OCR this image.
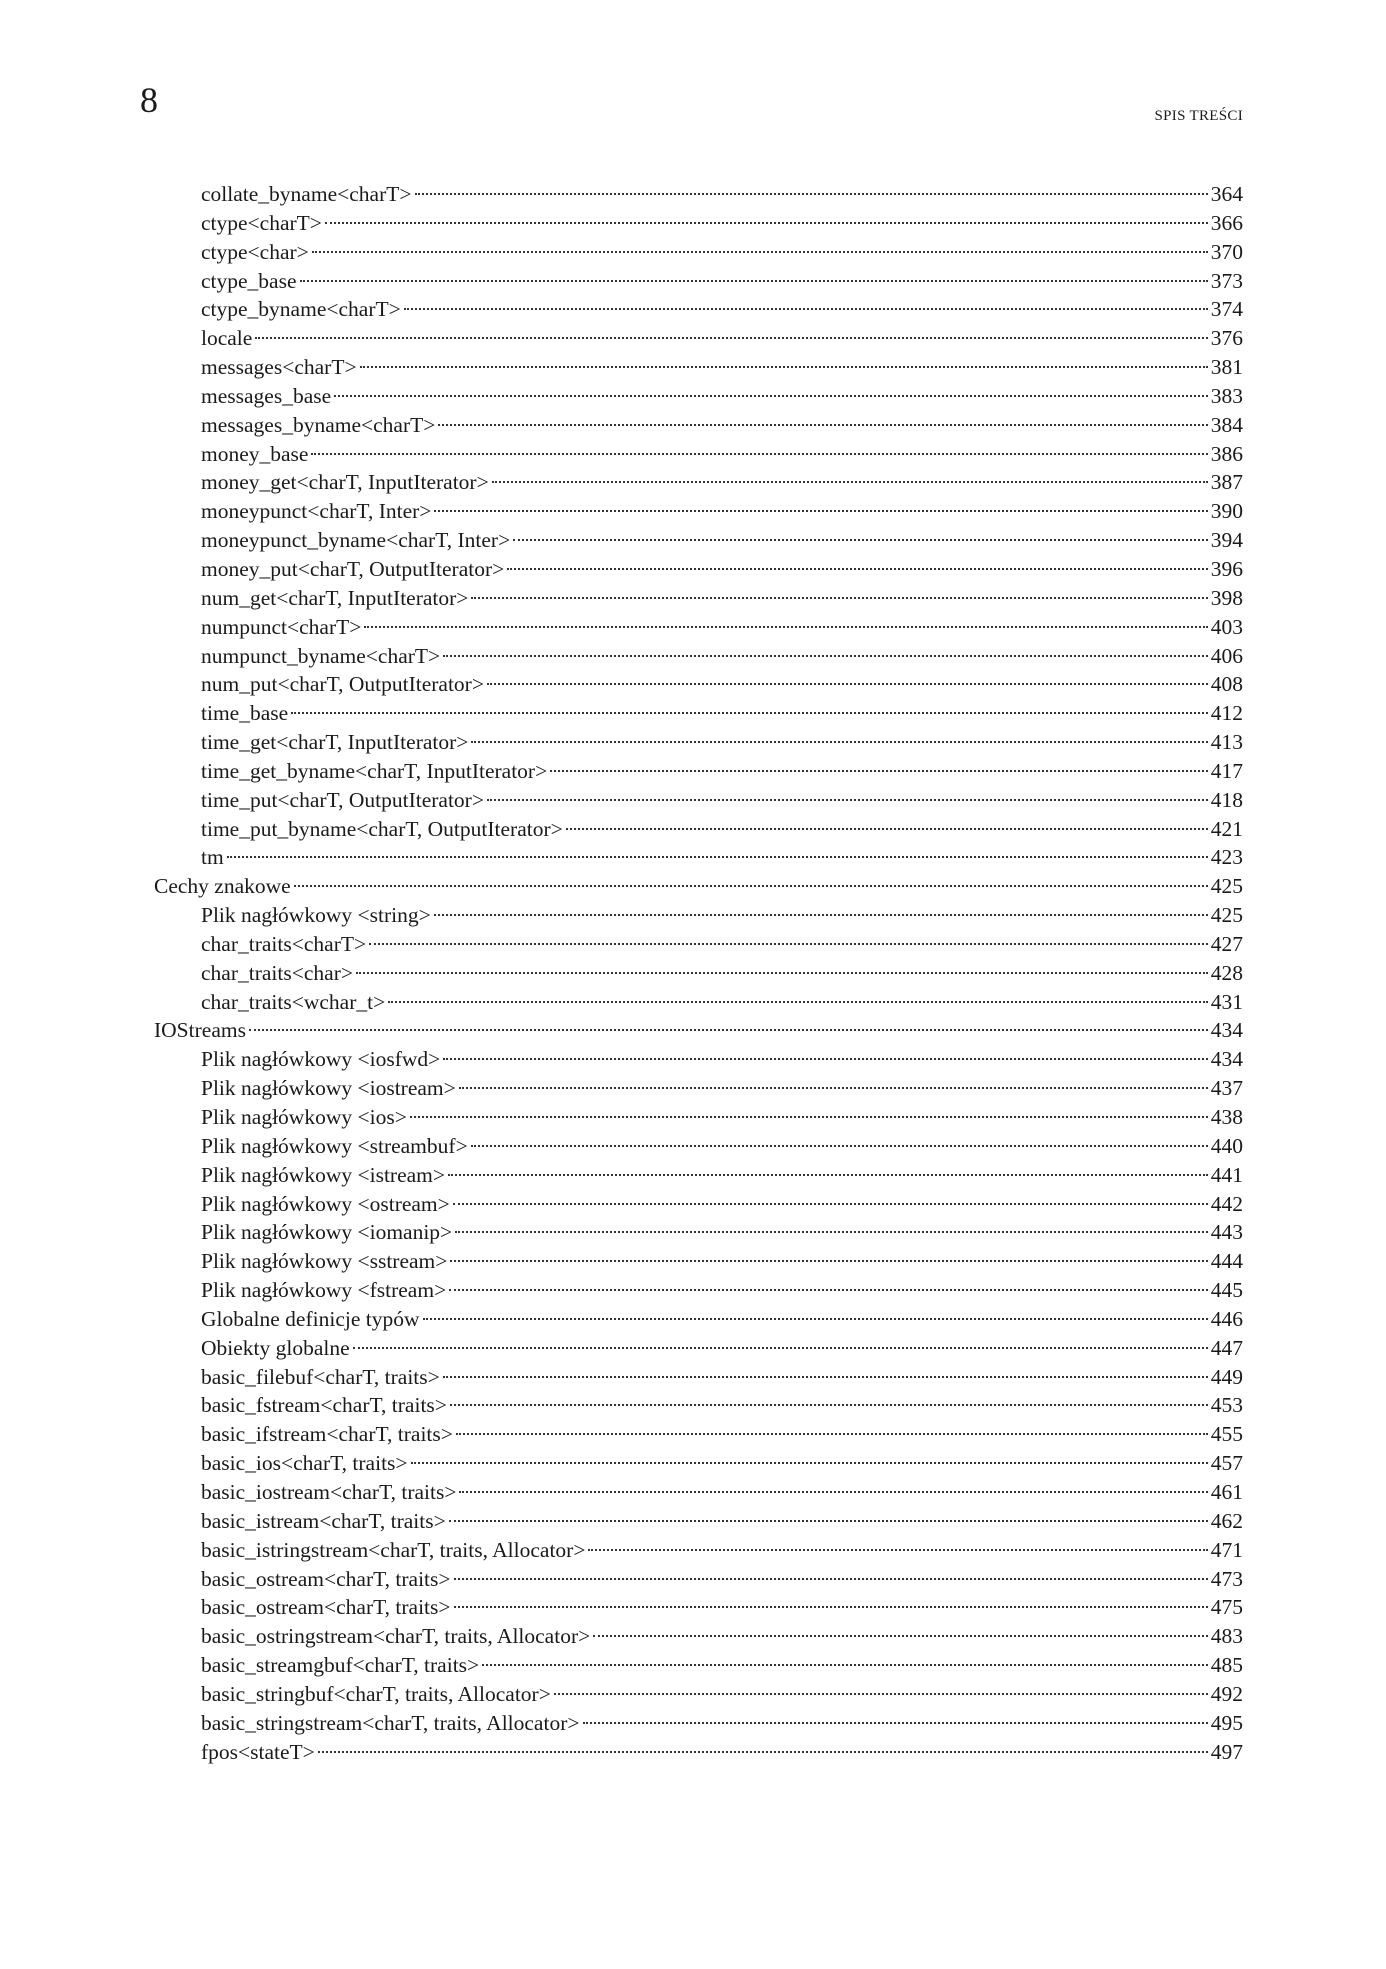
8	SPIS TREŚCI
collate_byname<charT>	364
ctype<charT>	366
ctype<char>	370
ctype_base	373
ctype_byname<charT>	374
locale	376
messages<charT>	381
messages_base	383
messages_byname<charT>	384
money_base	386
money_get<charT, InputIterator>	387
moneypunct<charT, Inter>	390
moneypunct_byname<charT, Inter>	394
money_put<charT, OutputIterator>	396
num_get<charT, InputIterator>	398
numpunct<charT>	403
numpunct_byname<charT>	406
num_put<charT, OutputIterator>	408
time_base	412
time_get<charT, InputIterator>	413
time_get_byname<charT, InputIterator>	417
time_put<charT, OutputIterator>	418
time_put_byname<charT, OutputIterator>	421
tm	423
Cechy znakowe	425
Plik nagłówkowy <string>	425
char_traits<charT>	427
char_traits<char>	428
char_traits<wchar_t>	431
IOStreams	434
Plik nagłówkowy <iosfwd>	434
Plik nagłówkowy <iostream>	437
Plik nagłówkowy <ios>	438
Plik nagłówkowy <streambuf>	440
Plik nagłówkowy <istream>	441
Plik nagłówkowy <ostream>	442
Plik nagłówkowy <iomanip>	443
Plik nagłówkowy <sstream>	444
Plik nagłówkowy <fstream>	445
Globalne definicje typów	446
Obiekty globalne	447
basic_filebuf<charT, traits>	449
basic_fstream<charT, traits>	453
basic_ifstream<charT, traits>	455
basic_ios<charT, traits>	457
basic_iostream<charT, traits>	461
basic_istream<charT, traits>	462
basic_istringstream<charT, traits, Allocator>	471
basic_ostream<charT, traits>	473
basic_ostream<charT, traits>	475
basic_ostringstream<charT, traits, Allocator>	483
basic_streamgbuf<charT, traits>	485
basic_stringbuf<charT, traits, Allocator>	492
basic_stringstream<charT, traits, Allocator>	495
fpos<stateT>	497
